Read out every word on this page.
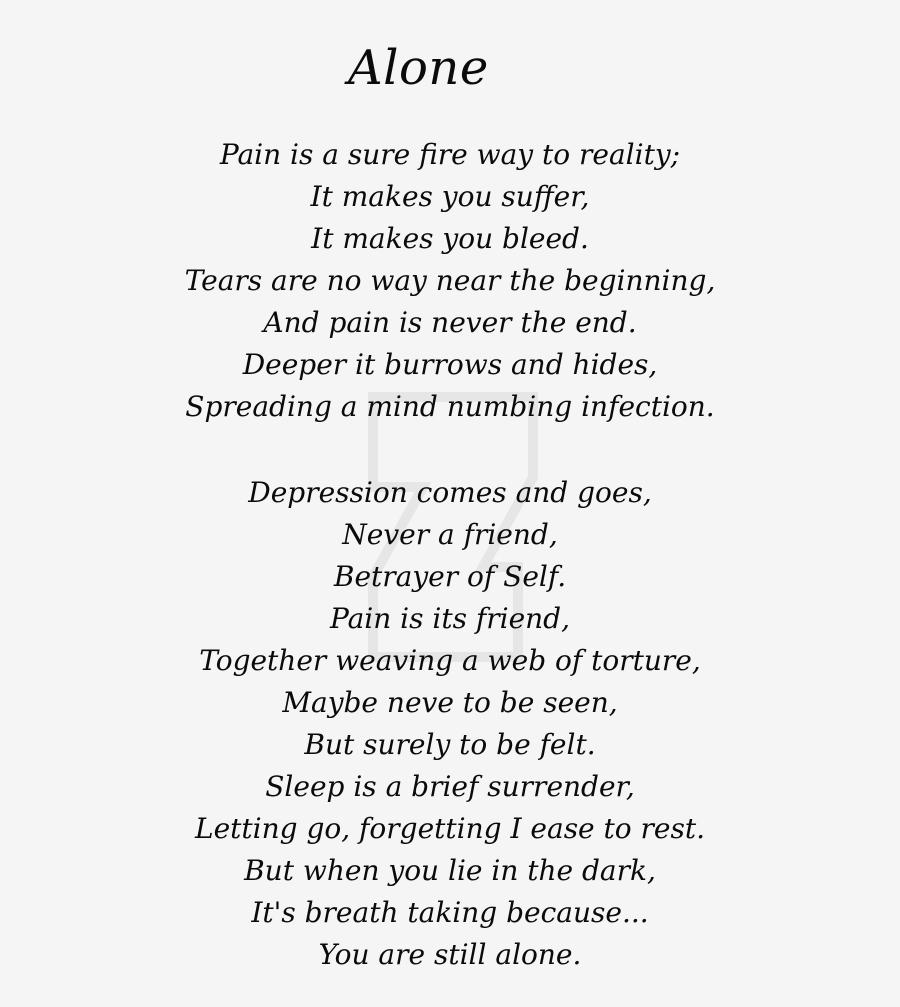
Alone
Pain is a sure fire way to reality;
It makes you suffer,
It makes you bleed.
Tears are no way near the beginning,
And pain is never the end.
Deeper it burrows and hides,
Spreading a mind numbing infection.
Depression comes and goes,
Never a friend,
Betrayer of Self.
Pain is its friend,
Together weaving a web of torture,
Maybe neve to be seen,
But surely to be felt.
Sleep is a brief surrender,
Letting go, forgetting I ease to rest.
But when you lie in the dark,
It's breath taking because...
You are still alone.
